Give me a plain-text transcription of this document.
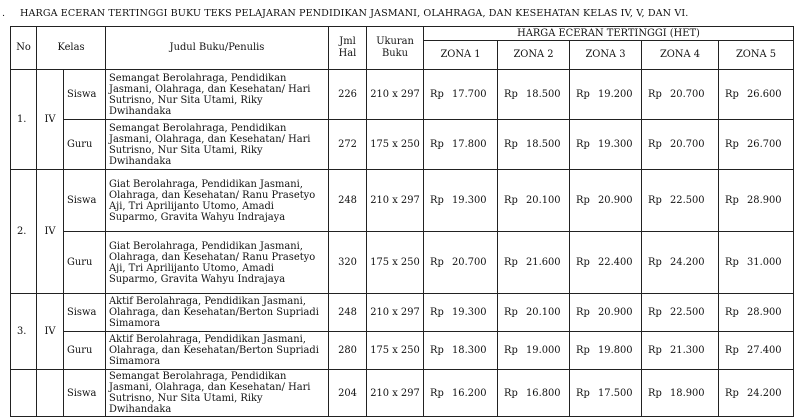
. HARGA ECERAN TERTINGGI BUKU TEKS PELAJARAN PENDIDIKAN JASMANI, OLAHRAGA, DAN KESEHATAN KELAS IV, V, DAN VI.
No	Kelas		Judul Buku/Penulis	Jml Hal	Ukuran Buku	HARGA ECERAN TERTINGGI (HET)				
						ZONA 1	ZONA 2	ZONA 3	ZONA 4	ZONA 5
1.	IV	Siswa	Semangat Berolahraga, Pendidikan Jasmani, Olahraga, dan Kesehatan/ Hari Sutrisno, Nur Sita Utami, Riky Dwihandaka	226	210 x 297	Rp 17.700	Rp 18.500	Rp 19.200	Rp 20.700	Rp 26.600
		Guru	Semangat Berolahraga, Pendidikan Jasmani, Olahraga, dan Kesehatan/ Hari Sutrisno, Nur Sita Utami, Riky Dwihandaka	272	175 x 250	Rp 17.800	Rp 18.500	Rp 19.300	Rp 20.700	Rp 26.700
2.	IV	Siswa	Giat Berolahraga, Pendidikan Jasmani, Olahraga, dan Kesehatan/ Ranu Prasetyo Aji, Tri Aprilijanto Utomo, Amadi Suparmo, Gravita Wahyu Indrajaya	248	210 x 297	Rp 19.300	Rp 20.100	Rp 20.900	Rp 22.500	Rp 28.900
		Guru	Giat Berolahraga, Pendidikan Jasmani, Olahraga, dan Kesehatan/ Ranu Prasetyo Aji, Tri Aprilijanto Utomo, Amadi Suparmo, Gravita Wahyu Indrajaya	320	175 x 250	Rp 20.700	Rp 21.600	Rp 22.400	Rp 24.200	Rp 31.000
3.	IV	Siswa	Aktif Berolahraga, Pendidikan Jasmani, Olahraga, dan Kesehatan/Berton Supriadi Simamora	248	210 x 297	Rp 19.300	Rp 20.100	Rp 20.900	Rp 22.500	Rp 28.900
		Guru	Aktif Berolahraga, Pendidikan Jasmani, Olahraga, dan Kesehatan/Berton Supriadi Simamora	280	175 x 250	Rp 18.300	Rp 19.000	Rp 19.800	Rp 21.300	Rp 27.400
		Siswa	Semangat Berolahraga, Pendidikan Jasmani, Olahraga, dan Kesehatan/ Hari Sutrisno, Nur Sita Utami, Riky Dwihandaka	204	210 x 297	Rp 16.200	Rp 16.800	Rp 17.500	Rp 18.900	Rp 24.200
